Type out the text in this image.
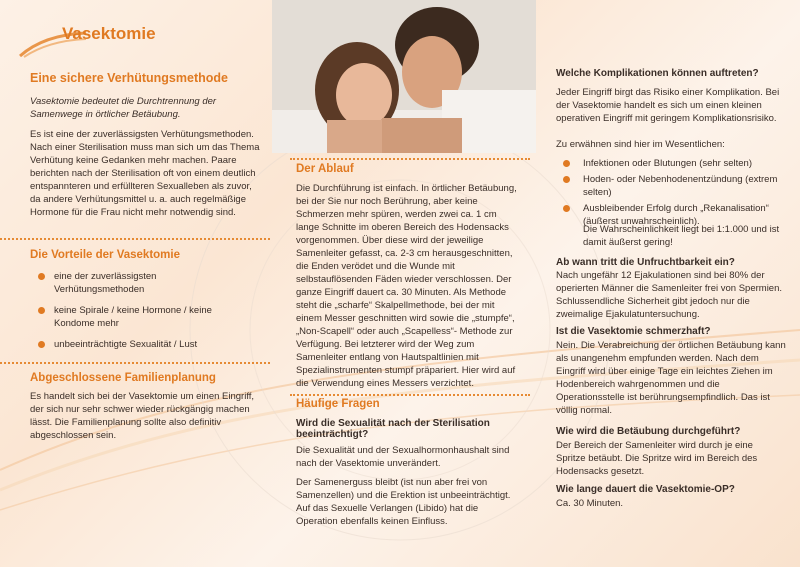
Vasektomie
Eine sichere Verhütungsmethode

Vasektomie bedeutet die Durchtrennung der Samenwege in örtlicher Betäubung.

Es ist eine der zuverlässigsten Verhütungsmethoden. Nach einer Sterilisation muss man sich um das Thema Verhütung keine Gedanken mehr machen. Paare berichten nach der Sterilisation oft von einem deutlich entspannteren und erfüllteren Sexualleben als zuvor, da andere Verhütungsmittel u. a. auch regelmäßige Hormone für die Frau nicht mehr notwendig sind.

Die Vorteile der Vasektomie
eine der zuverlässigsten Verhütungsmethoden
keine Spirale / keine Hormone / keine Kondome mehr
unbeeinträchtigte Sexualität / Lust
Abgeschlossene Familienplanung

Es handelt sich bei der Vasektomie um einen Eingriff, der sich nur sehr schwer wieder rückgängig machen lässt. Die Familienplanung sollte also definitiv abgeschlossen sein.

Der Ablauf

Die Durchführung ist einfach. In örtlicher Betäubung, bei der Sie nur noch Berührung, aber keine Schmerzen mehr spüren, werden zwei ca. 1 cm lange Schnitte im oberen Bereich des Hodensacks vorgenommen. Über diese wird der jeweilige Samenleiter gefasst, ca. 2-3 cm herausgeschnitten, die Enden verödet und die Wunde mit selbstauflösenden Fäden wieder verschlossen. Der ganze Eingriff dauert ca. 30 Minuten. Als Methode steht die „scharfe“ Skalpellmethode, bei der mit einem Messer geschnitten wird sowie die „stumpfe“, „Non-Scapell“ oder auch „Scapelless“- Methode zur Verfügung. Bei letzterer wird der Weg zum Samenleiter entlang von Hautspaltlinien mit Spezialinstrumenten stumpf präpariert. Hier wird auf die Verwendung eines Messers verzichtet.

Häufige Fragen

Wird die Sexualität nach der Sterilisation beeinträchtigt?

Die Sexualität und der Sexualhormonhaushalt sind nach der Vasektomie unverändert.

Der Samenerguss bleibt (ist nun aber frei von Samenzellen) und die Erektion ist unbeeinträchtigt. Auf das Sexuelle Verlangen (Libido) hat die Operation ebenfalls keinen Einfluss.

Welche Komplikationen können auftreten?

Jeder Eingriff birgt das Risiko einer Komplikation. Bei der Vasektomie handelt es sich um einen kleinen operativen Eingriff mit geringem Komplikationsrisiko.

Zu erwähnen sind hier im Wesentlichen:

Infektionen oder Blutungen (sehr selten)
Hoden- oder Nebenhodenentzündung (extrem selten)
Ausbleibender Erfolg durch „Rekanalisation“ (äußerst unwahrscheinlich).

Die Wahrscheinlichkeit liegt bei 1:1.000 und ist damit äußerst gering!

Ab wann tritt die Unfruchtbarkeit ein?

Nach ungefähr 12 Ejakulationen sind bei 80% der operierten Männer die Samenleiter frei von Spermien. Schlussendliche Sicherheit gibt jedoch nur die zweimalige Ejakulatuntersuchung.

Ist die Vasektomie schmerzhaft?

Nein. Die Verabreichung der örtlichen Betäubung kann als unangenehm empfunden werden. Nach dem Eingriff wird über einige Tage ein leichtes Ziehen im Hodenbereich wahrgenommen und die Operationsstelle ist berührungsempfindlich. Das ist völlig normal.

Wie wird die Betäubung durchgeführt?

Der Bereich der Samenleiter wird durch je eine Spritze betäubt. Die Spritze wird im Bereich des Hodensacks gesetzt.

Wie lange dauert die Vasektomie-OP?

Ca. 30 Minuten.
